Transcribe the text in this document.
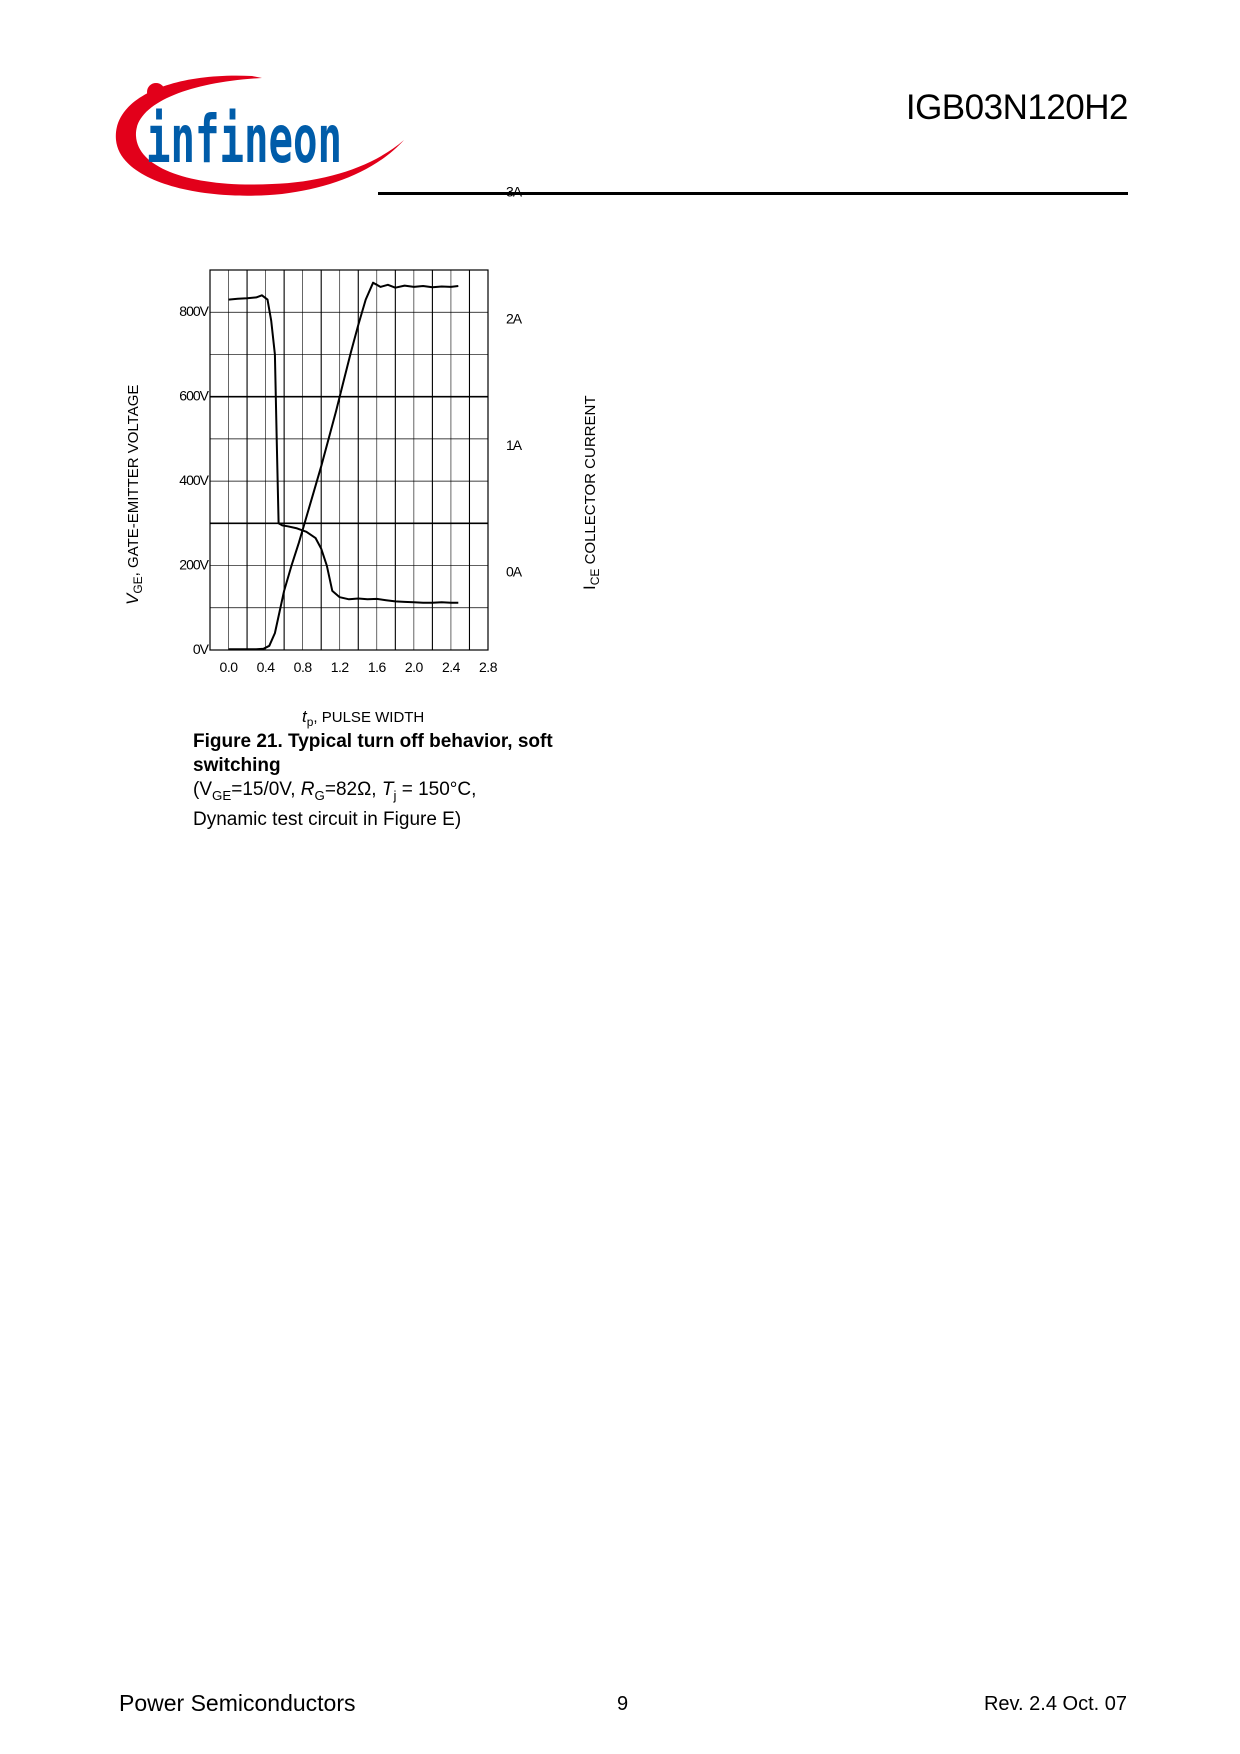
infineon	IGB03N120H2
0.0 0.4 0.8 1.2 1.6 2.0 2.4 2.8
0V
200V
400V
600V
800V
0A
1A
2A
3A
$t_p$, PULSE WIDTH
$V_{GE}$, GATE-EMITTER VOLTAGE
$I_{CE}$ COLLECTOR CURRENT
Figure 21. Typical turn off behavior, soft switching
($V_{GE}=15/0V$, $R_G=82\Omega$, $T_j = 150^\circ C$,
Dynamic test circuit in Figure E)
Power Semiconductors	9	Rev. 2.4 Oct. 07
